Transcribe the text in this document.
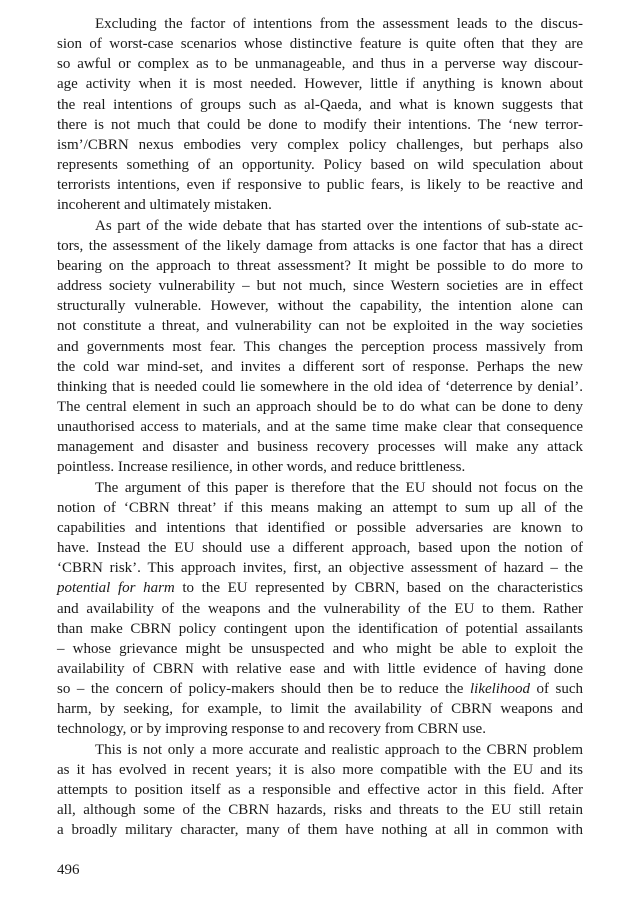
Excluding the factor of intentions from the assessment leads to the discus-
sion of worst-case scenarios whose distinctive feature is quite often that they are
so awful or complex as to be unmanageable, and thus in a perverse way discour-
age activity when it is most needed. However, little if anything is known about
the real intentions of groups such as al-Qaeda, and what is known suggests that
there is not much that could be done to modify their intentions. The ‘new terror-
ism’/CBRN nexus embodies very complex policy challenges, but perhaps also
represents something of an opportunity. Policy based on wild speculation about
terrorists intentions, even if responsive to public fears, is likely to be reactive and
incoherent and ultimately mistaken.
As part of the wide debate that has started over the intentions of sub-state ac-
tors, the assessment of the likely damage from attacks is one factor that has a direct
bearing on the approach to threat assessment? It might be possible to do more to
address society vulnerability – but not much, since Western societies are in effect
structurally vulnerable. However, without the capability, the intention alone can
not constitute a threat, and vulnerability can not be exploited in the way societies
and governments most fear. This changes the perception process massively from
the cold war mind-set, and invites a different sort of response. Perhaps the new
thinking that is needed could lie somewhere in the old idea of ‘deterrence by denial’.
The central element in such an approach should be to do what can be done to deny
unauthorised access to materials, and at the same time make clear that consequence
management and disaster and business recovery processes will make any attack
pointless. Increase resilience, in other words, and reduce brittleness.
The argument of this paper is therefore that the EU should not focus on the
notion of ‘CBRN threat’ if this means making an attempt to sum up all of the
capabilities and intentions that identified or possible adversaries are known to
have. Instead the EU should use a different approach, based upon the notion of
‘CBRN risk’. This approach invites, first, an objective assessment of hazard – the
potential for harm to the EU represented by CBRN, based on the characteristics
and availability of the weapons and the vulnerability of the EU to them. Rather
than make CBRN policy contingent upon the identification of potential assailants
– whose grievance might be unsuspected and who might be able to exploit the
availability of CBRN with relative ease and with little evidence of having done
so – the concern of policy-makers should then be to reduce the likelihood of such
harm, by seeking, for example, to limit the availability of CBRN weapons and
technology, or by improving response to and recovery from CBRN use.
This is not only a more accurate and realistic approach to the CBRN problem
as it has evolved in recent years; it is also more compatible with the EU and its
attempts to position itself as a responsible and effective actor in this field. After
all, although some of the CBRN hazards, risks and threats to the EU still retain
a broadly military character, many of them have nothing at all in common with
496
